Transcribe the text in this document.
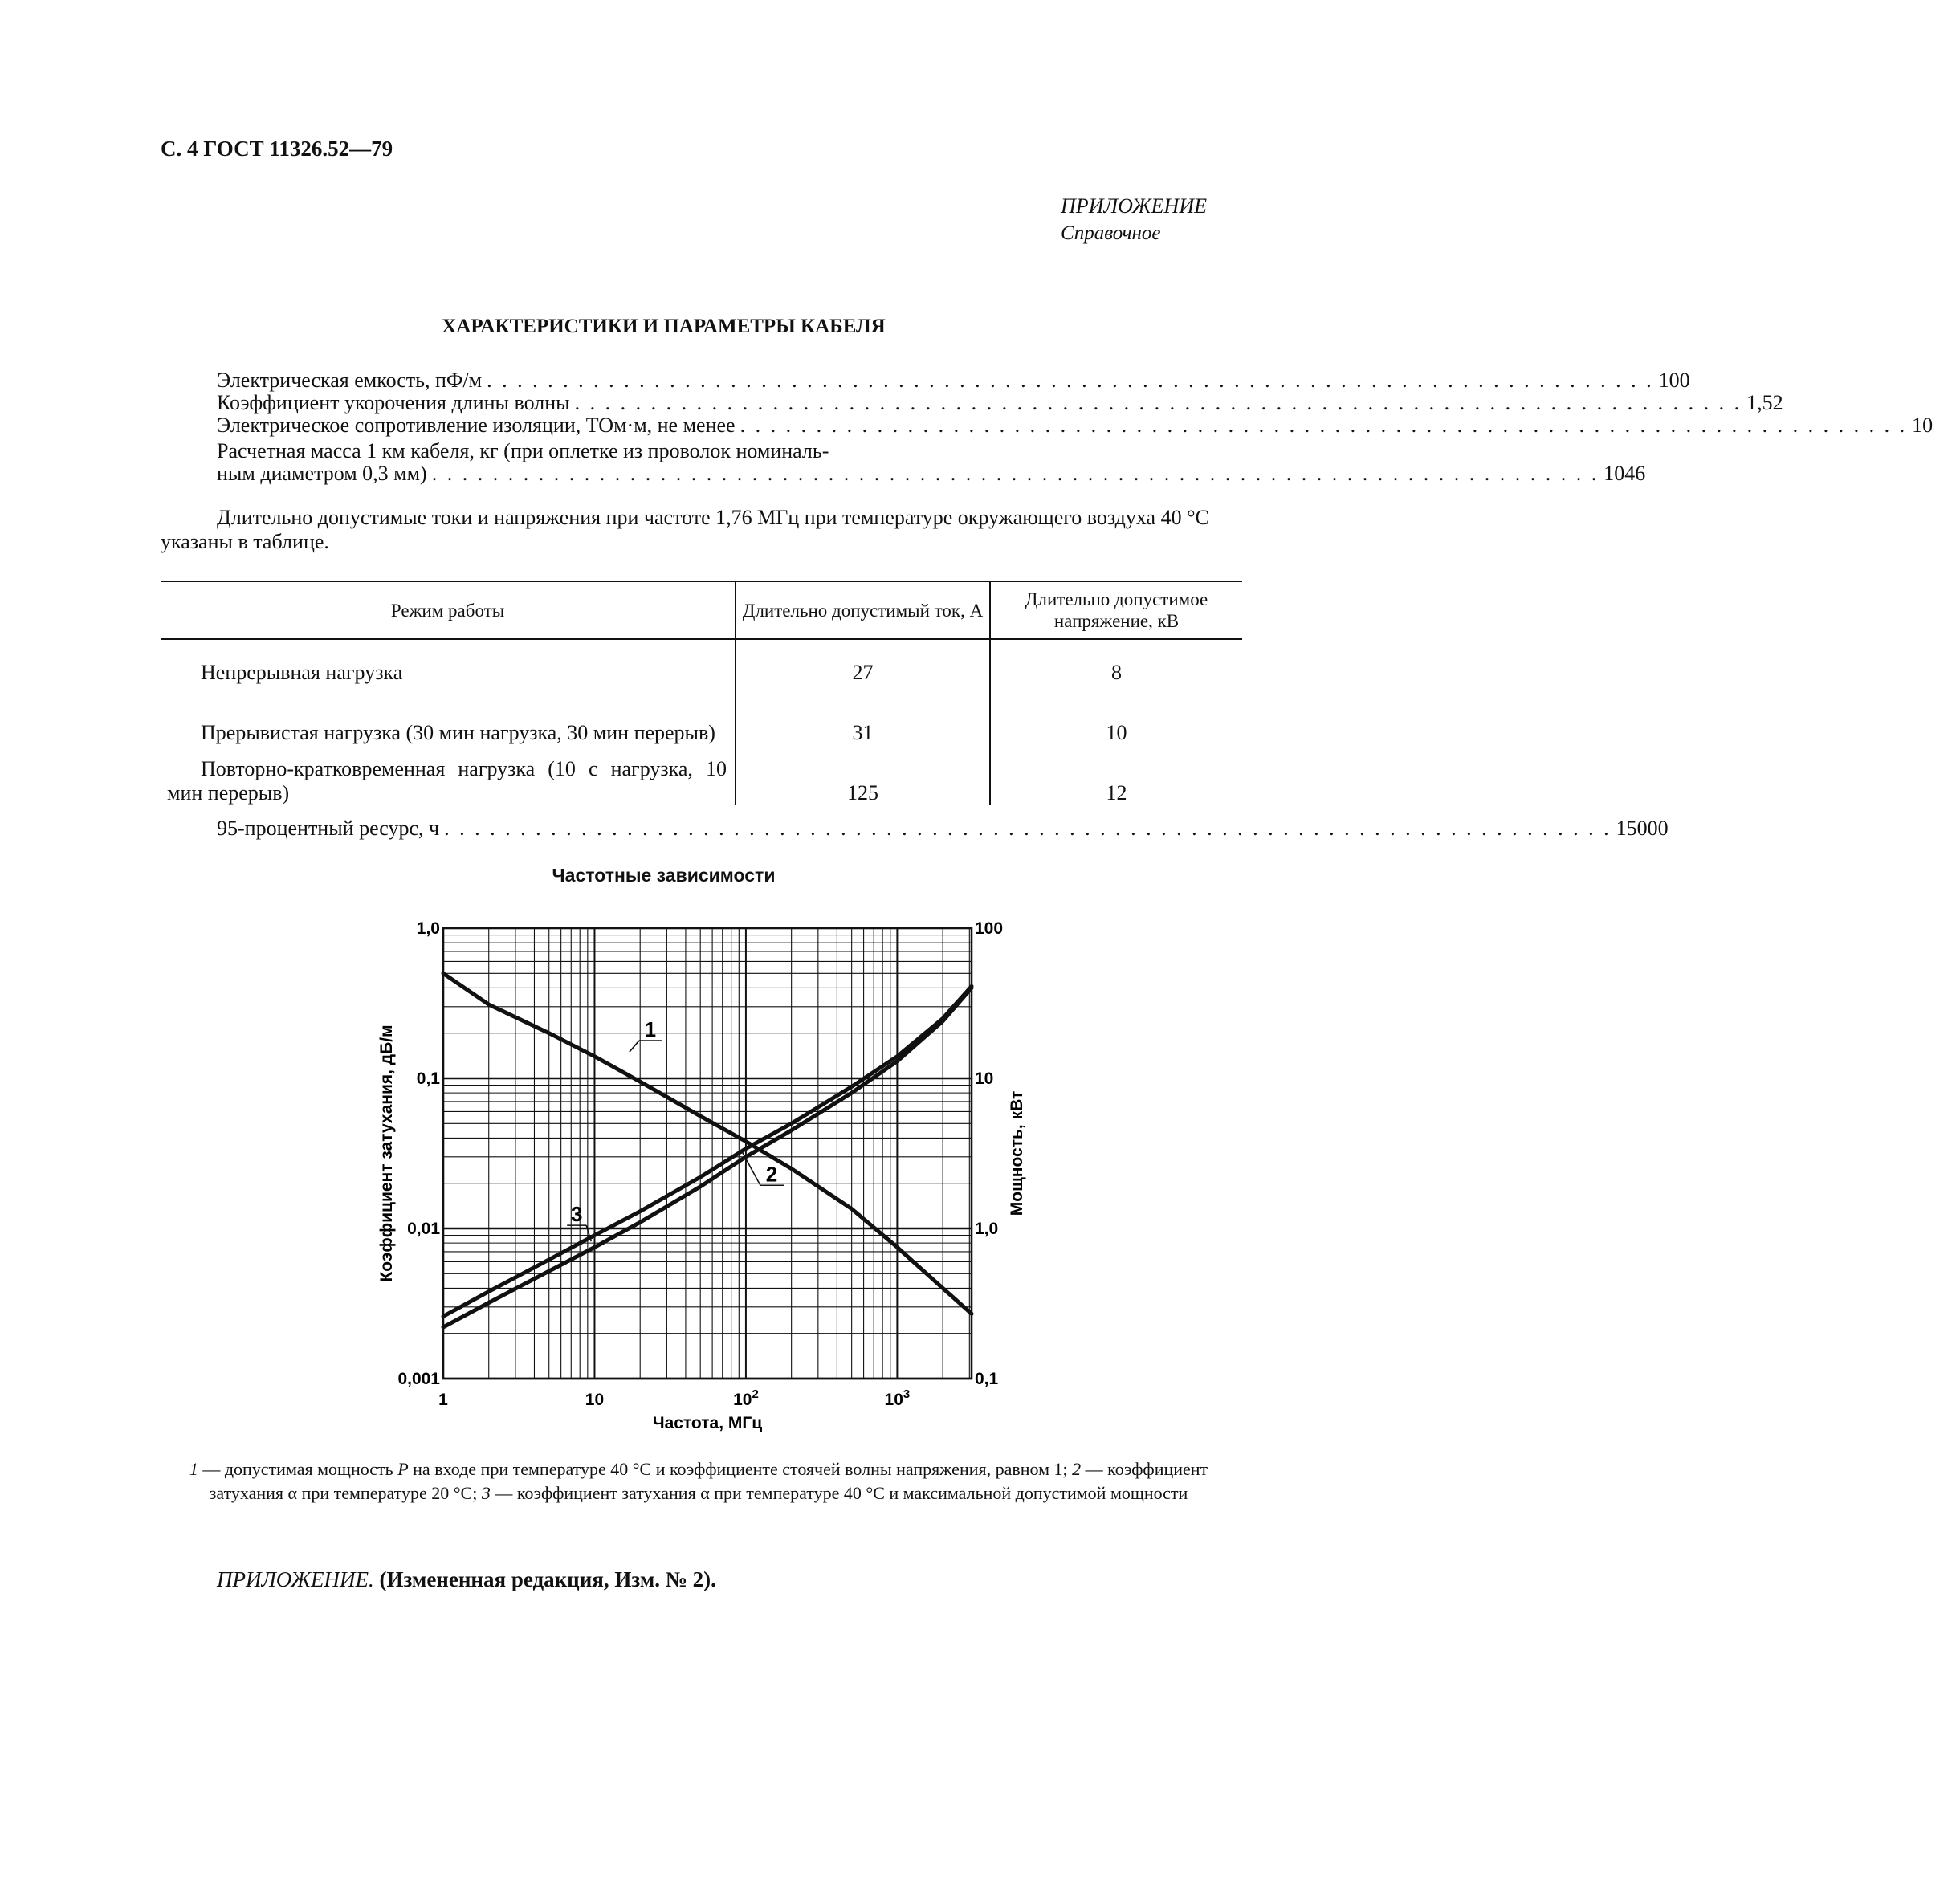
С. 4 ГОСТ 11326.52—79
ПРИЛОЖЕНИЕ
Справочное
ХАРАКТЕРИСТИКИ И ПАРАМЕТРЫ КАБЕЛЯ
Электрическая емкость, пФ/м . . .	100
Коэффициент укорочения длины волны . . .	1,52
Электрическое сопротивление изоляции, ТОм·м, не менее . . .	10
Расчетная масса 1 км кабеля, кг (при оплетке из проволок номиналь-
ным диаметром 0,3 мм) . . .	1046
Длительно допустимые токи и напряжения при частоте 1,76 МГц при температуре окружающего воздуха 40 °С указаны в таблице.
Режим работы	Длительно допустимый ток, А	Длительно допустимое напряжение, кВ
Непрерывная нагрузка	27	8
Прерывистая нагрузка (30 мин нагрузка, 30 мин перерыв)	31	10
Повторно-кратковременная нагрузка (10 с нагрузка, 10 мин перерыв)	125	12
95-процентный ресурс, ч . . .	15000
Частотные зависимости
1	10	$10^2$	$10^3$
0,001
0,01
0,1
1,0
0,1
1,0
10
100
Частота, МГц
Коэффициент затухания, дБ/м	Мощность, кВт
1
3
2
1 — допустимая мощность Р на входе при температуре 40 °С и коэффициенте стоячей волны напряжения, равном 1; 2 — коэффициент затухания α при температуре 20 °С; 3 — коэффициент затухания α при температуре 40 °С и максимальной допустимой мощности
ПРИЛОЖЕНИЕ. (Измененная редакция, Изм. № 2).
